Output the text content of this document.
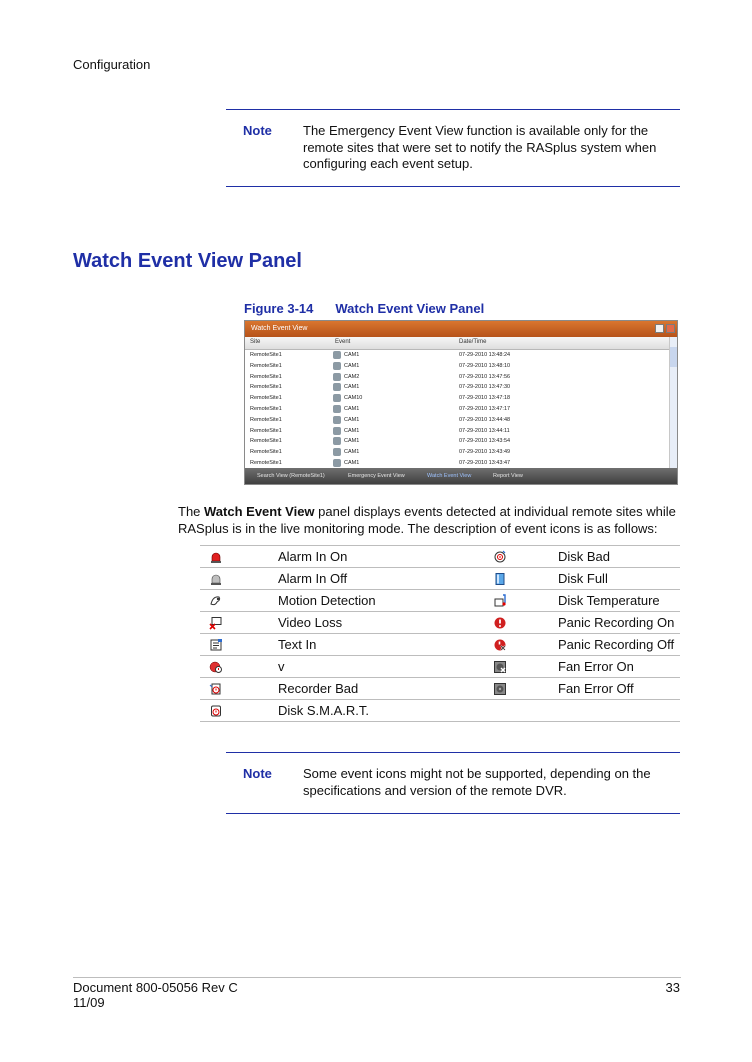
Configuration
Note The Emergency Event View function is available only for the
remote sites that were set to notify the RASplus system when
configuring each event setup.
Watch Event View Panel
Figure 3-14 Watch Event View Panel
Watch Event View
Site	Event	Date/Time
RemoteSite1	CAM1	07-29-2010 13:48:24
RemoteSite1	CAM1	07-29-2010 13:48:10
RemoteSite1	CAM2	07-29-2010 13:47:56
RemoteSite1	CAM1	07-29-2010 13:47:30
RemoteSite1	CAM10	07-29-2010 13:47:18
RemoteSite1	CAM1	07-29-2010 13:47:17
RemoteSite1	CAM1	07-29-2010 13:44:48
RemoteSite1	CAM1	07-29-2010 13:44:11
RemoteSite1	CAM1	07-29-2010 13:43:54
RemoteSite1	CAM1	07-29-2010 13:43:49
RemoteSite1	CAM1	07-29-2010 13:43:47
Search View (RemoteSite1)	Emergency Event View	Watch Event View	Report View
The Watch Event View panel displays events detected at individual remote sites while RASplus is in the live monitoring mode. The description of event icons is as follows:
	Alarm In On		Disk Bad
	Alarm In Off		Disk Full
	Motion Detection		Disk Temperature
	Video Loss		Panic Recording On
	Text In		Panic Recording Off
	v		Fan Error On
	Recorder Bad		Fan Error Off
	Disk S.M.A.R.T.		
Note Some event icons might not be supported, depending on the
specifications and version of the remote DVR.
Document 800-05056 Rev C
11/09
33
